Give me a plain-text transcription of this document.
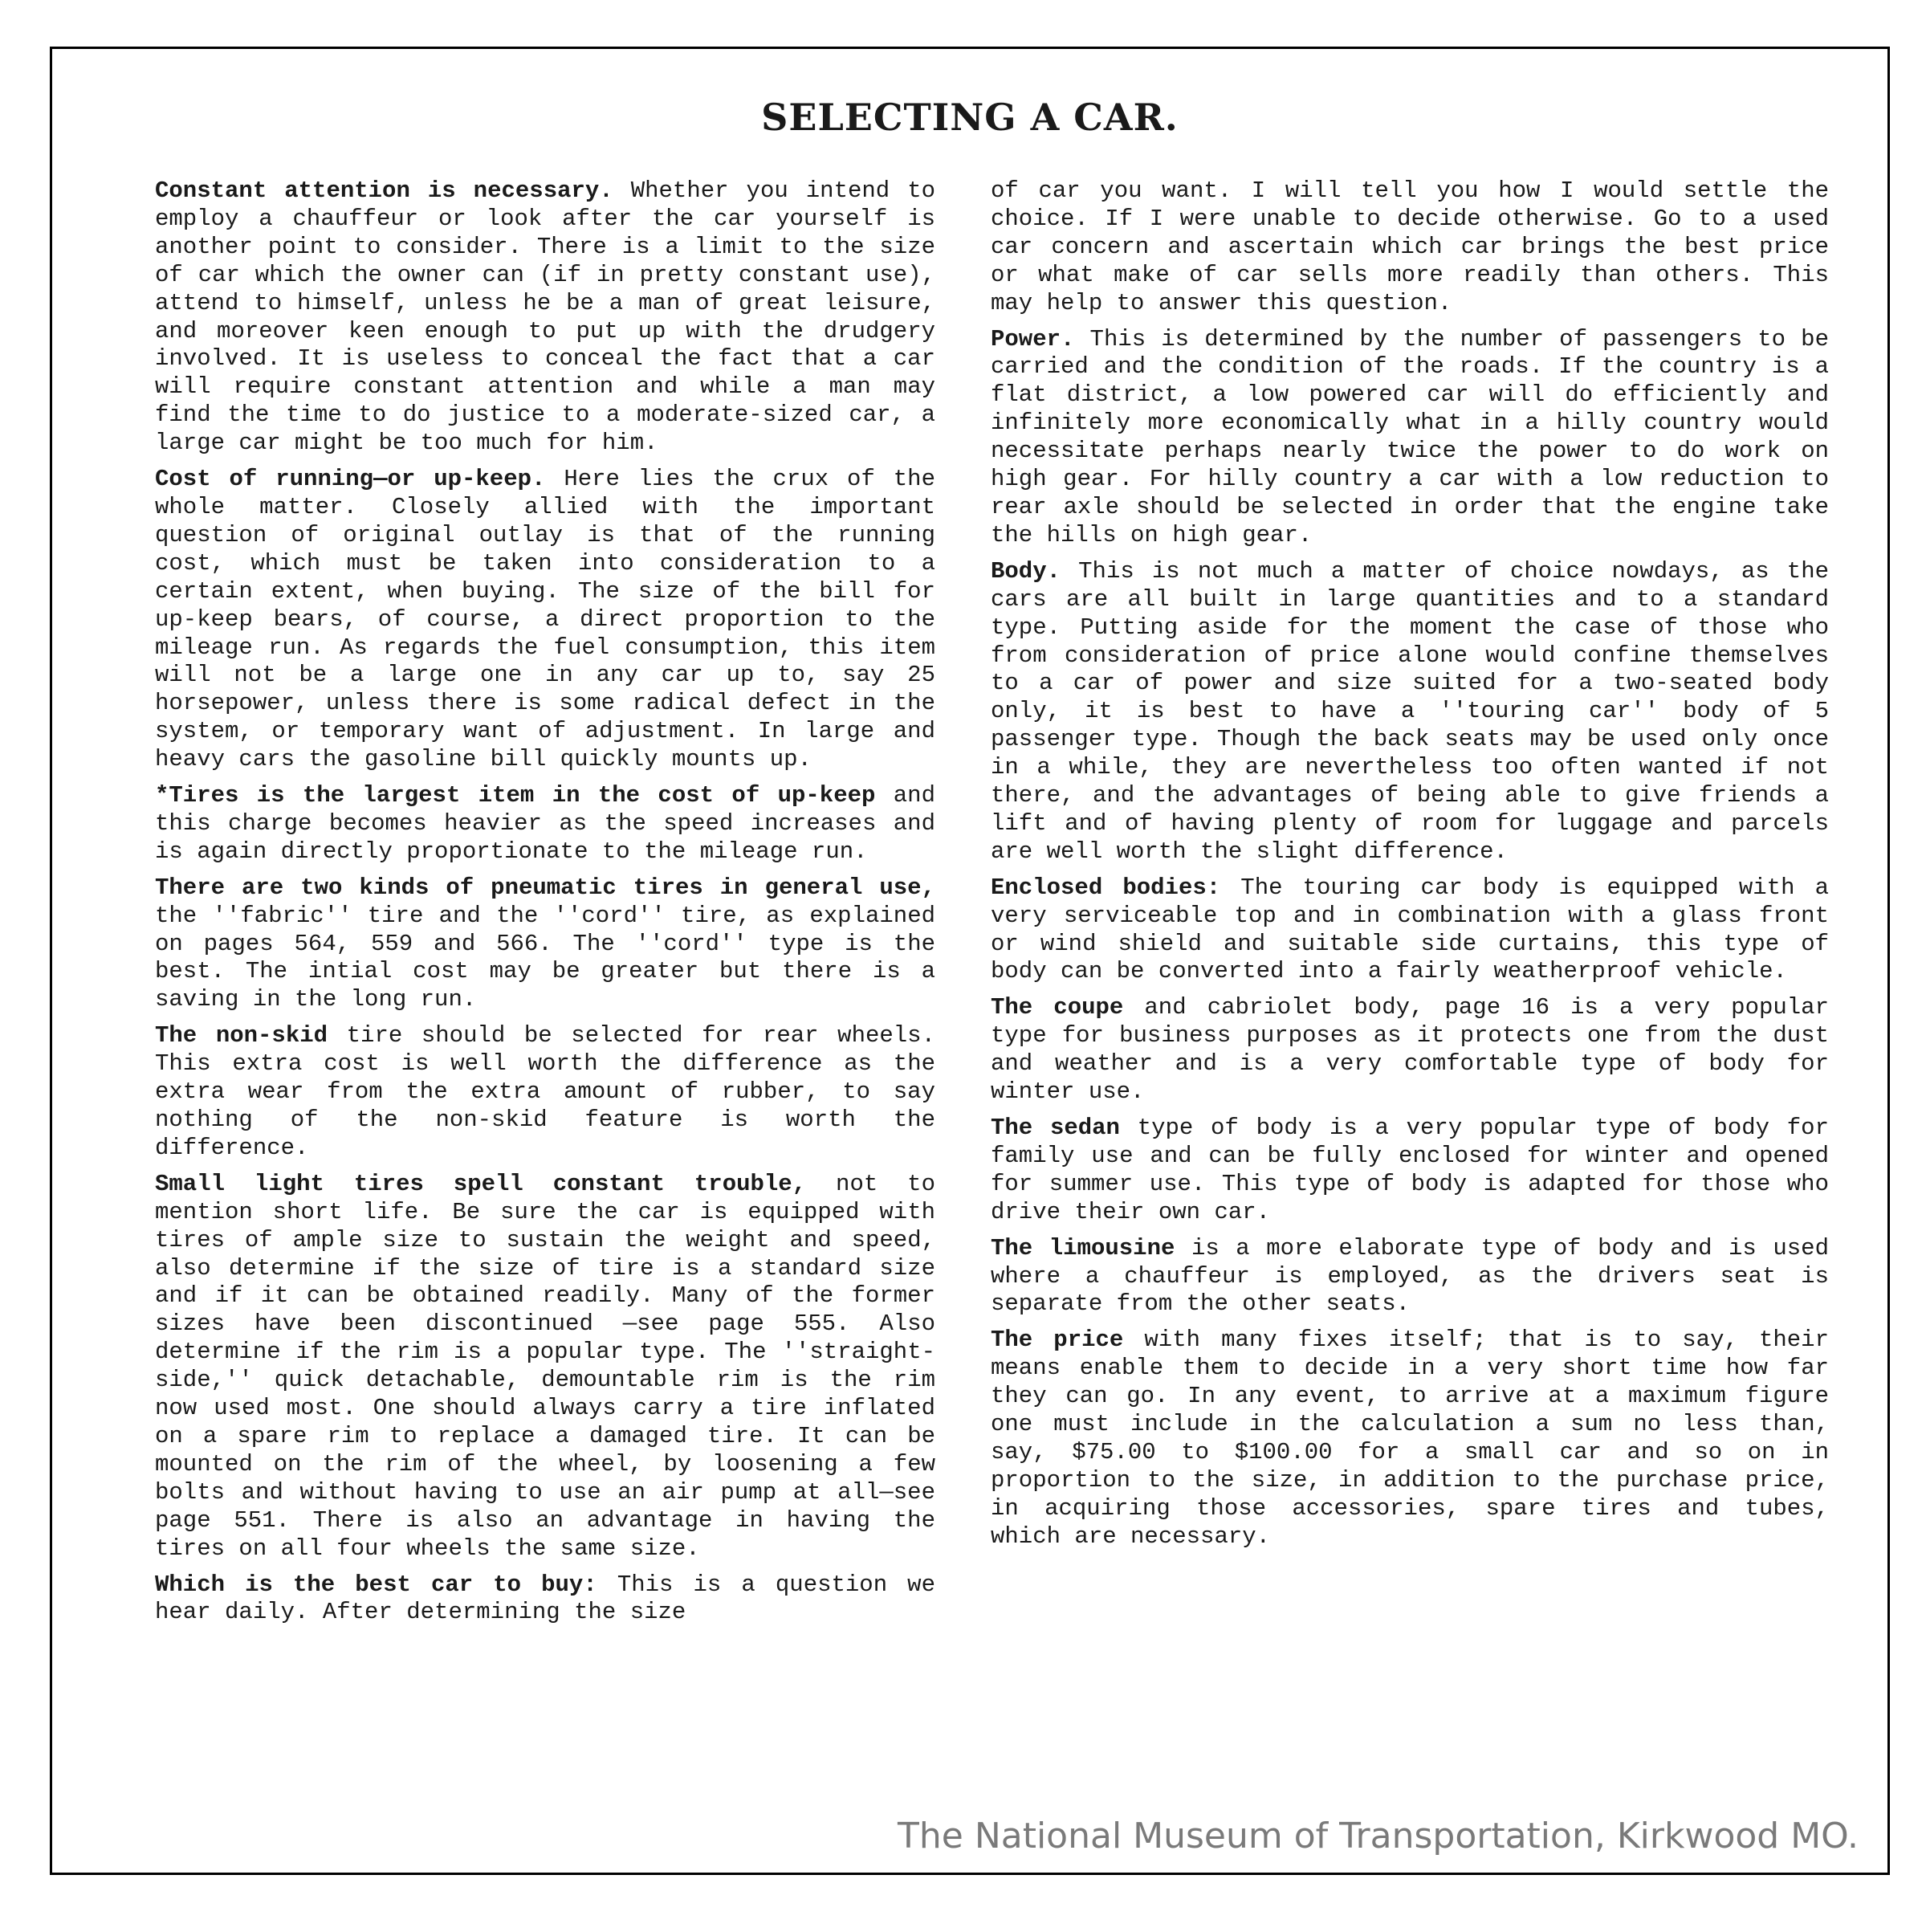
SELECTING A CAR.

Constant attention is necessary. Whether you intend to employ a chauffeur or look after the car yourself is another point to consider. There is a limit to the size of car which the owner can (if in pretty constant use), attend to himself, unless he be a man of great leisure, and moreover keen enough to put up with the drudgery involved. It is useless to conceal the fact that a car will require constant attention and while a man may find the time to do justice to a moderate-sized car, a large car might be too much for him.

Cost of running—or up-keep. Here lies the crux of the whole matter. Closely allied with the important question of original outlay is that of the running cost, which must be taken into consideration to a certain extent, when buying. The size of the bill for up-keep bears, of course, a direct proportion to the mileage run. As regards the fuel consumption, this item will not be a large one in any car up to, say 25 horsepower, unless there is some radical defect in the system, or temporary want of adjustment. In large and heavy cars the gasoline bill quickly mounts up.

*Tires is the largest item in the cost of up-keep and this charge becomes heavier as the speed increases and is again directly proportionate to the mileage run.

There are two kinds of pneumatic tires in general use, the ''fabric'' tire and the ''cord'' tire, as explained on pages 564, 559 and 566. The ''cord'' type is the best. The intial cost may be greater but there is a saving in the long run.

The non-skid tire should be selected for rear wheels. This extra cost is well worth the difference as the extra wear from the extra amount of rubber, to say nothing of the non-skid feature is worth the difference.

Small light tires spell constant trouble, not to mention short life. Be sure the car is equipped with tires of ample size to sustain the weight and speed, also determine if the size of tire is a standard size and if it can be obtained readily. Many of the former sizes have been discontinued —see page 555. Also determine if the rim is a popular type. The ''straight-side,'' quick detachable, demountable rim is the rim now used most. One should always carry a tire inflated on a spare rim to replace a damaged tire. It can be mounted on the rim of the wheel, by loosening a few bolts and without having to use an air pump at all—see page 551. There is also an advantage in having the tires on all four wheels the same size.

Which is the best car to buy: This is a question we hear daily. After determining the size

of car you want. I will tell you how I would settle the choice. If I were unable to decide otherwise. Go to a used car concern and ascertain which car brings the best price or what make of car sells more readily than others. This may help to answer this question.

Power. This is determined by the number of passengers to be carried and the condition of the roads. If the country is a flat district, a low powered car will do efficiently and infinitely more economically what in a hilly country would necessitate perhaps nearly twice the power to do work on high gear. For hilly country a car with a low reduction to rear axle should be selected in order that the engine take the hills on high gear.

Body. This is not much a matter of choice nowdays, as the cars are all built in large quantities and to a standard type. Putting aside for the moment the case of those who from consideration of price alone would confine themselves to a car of power and size suited for a two-seated body only, it is best to have a ''touring car'' body of 5 passenger type. Though the back seats may be used only once in a while, they are nevertheless too often wanted if not there, and the advantages of being able to give friends a lift and of having plenty of room for luggage and parcels are well worth the slight difference.

Enclosed bodies: The touring car body is equipped with a very serviceable top and in combination with a glass front or wind shield and suitable side curtains, this type of body can be converted into a fairly weatherproof vehicle.

The coupe and cabriolet body, page 16 is a very popular type for business purposes as it protects one from the dust and weather and is a very comfortable type of body for winter use.

The sedan type of body is a very popular type of body for family use and can be fully enclosed for winter and opened for summer use. This type of body is adapted for those who drive their own car.

The limousine is a more elaborate type of body and is used where a chauffeur is employed, as the drivers seat is separate from the other seats.

The price with many fixes itself; that is to say, their means enable them to decide in a very short time how far they can go. In any event, to arrive at a maximum figure one must include in the calculation a sum no less than, say, $75.00 to $100.00 for a small car and so on in proportion to the size, in addition to the purchase price, in acquiring those accessories, spare tires and tubes, which are necessary.

The National Museum of Transportation, Kirkwood MO.
